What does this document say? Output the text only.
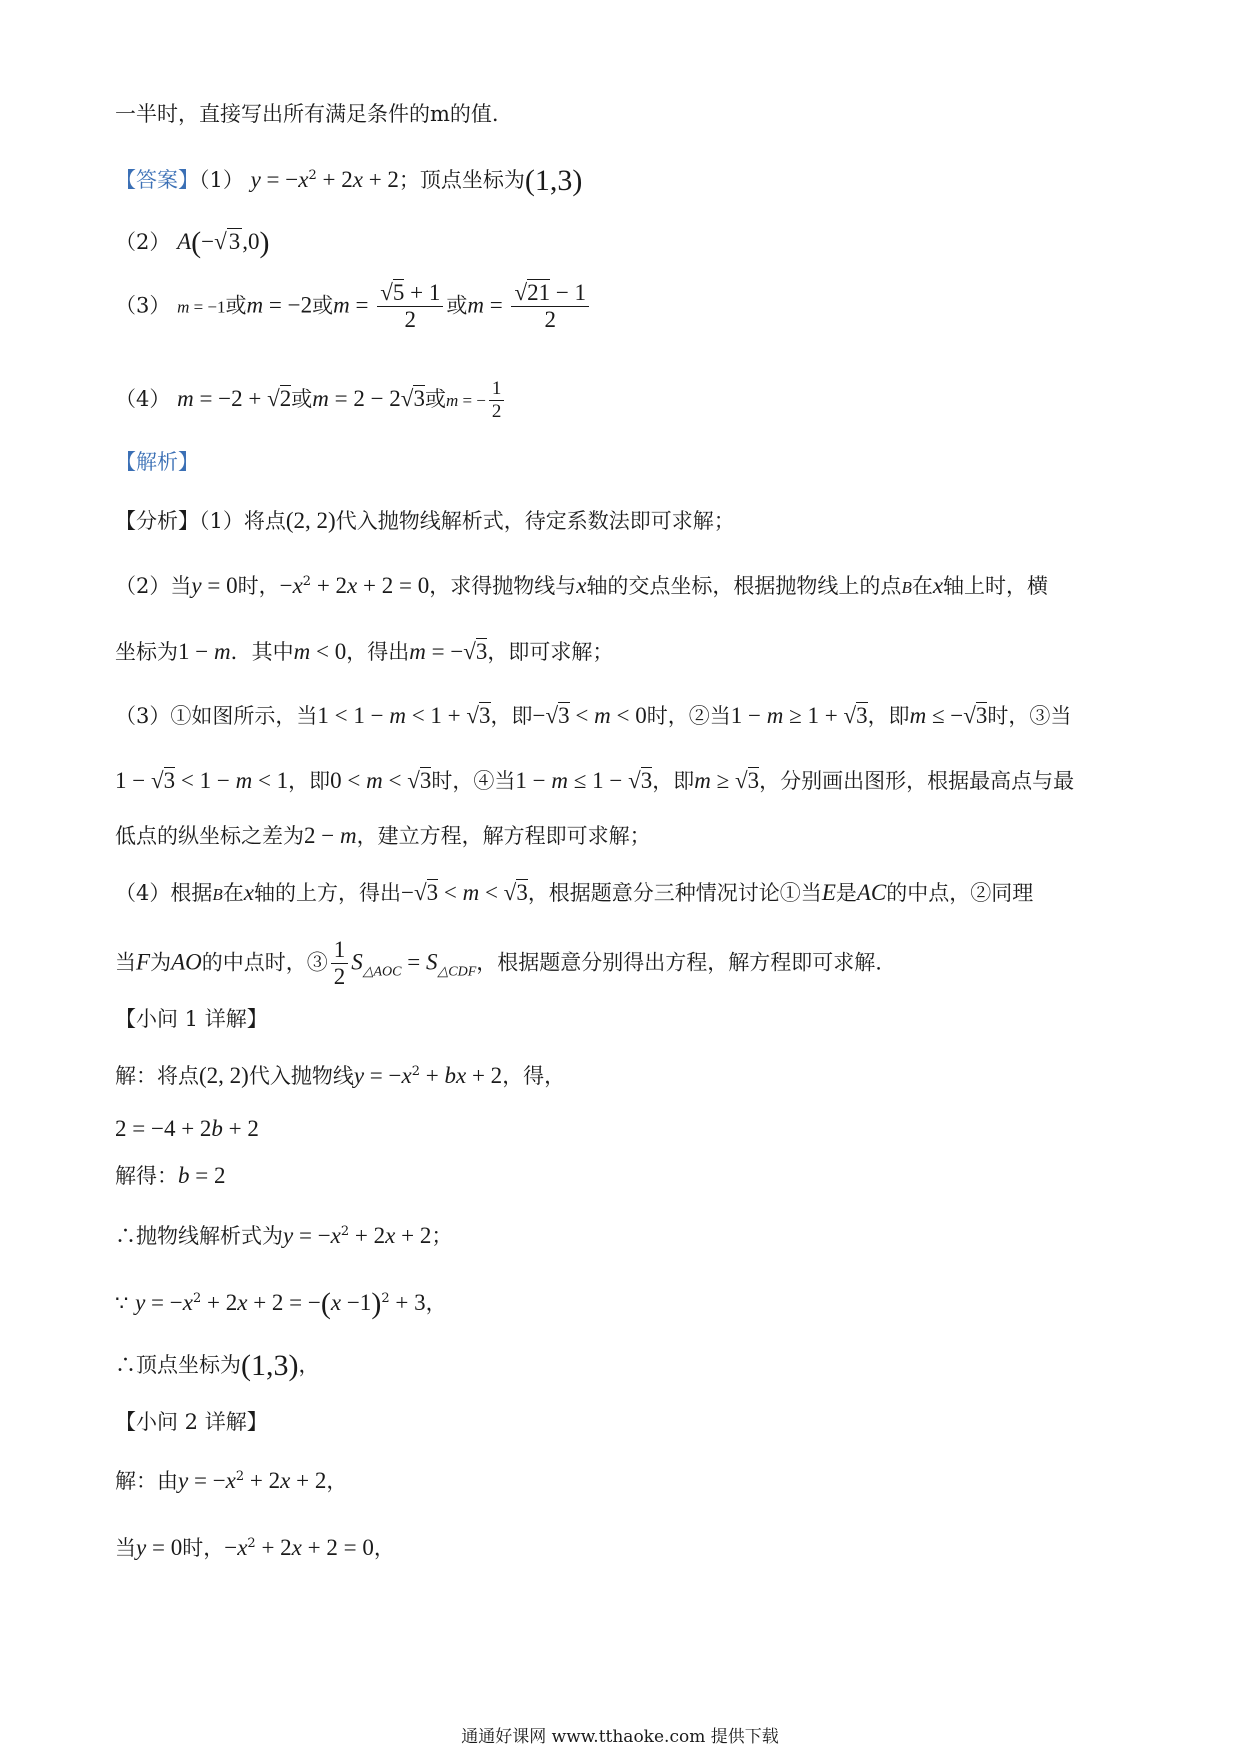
一半时，直接写出所有满足条件的m的值.
【答案】（1） $y = -x^2 + 2x + 2$；顶点坐标为(1,3)
（2） A(−√3,0)
（3） m = −1或m = −2或$m = \frac{√5 + 1}{2}$ 或$m = \frac{√21 - 1}{2}$
（4） m = −2 + √2或m = 2 − 2√3或m = − $\frac{1}{2}$
【解析】
【分析】（1）将点(2, 2)代入抛物线解析式，待定系数法即可求解；
（2）当y = 0时，$-x^2 + 2x + 2 = 0$，求得抛物线与x轴的交点坐标，根据抛物线上的点B在x轴上时，横
坐标为1 − m．其中m < 0，得出m = −√3，即可求解；
（3）①如图所示，当1 < 1 − m < 1 + √3，即−√3 < m < 0时，②当1 − m ≥ 1 + √3，即m ≤ −√3时，③当
1 − √3 < 1 − m < 1，即0 < m < √3时，④当1 − m ≤ 1 − √3，即m ≥ √3，分别画出图形，根据最高点与最
低点的纵坐标之差为2 − m，建立方程，解方程即可求解；
（4）根据B在x轴的上方，得出−√3 < m < √3，根据题意分三种情况讨论①当E是AC的中点，②同理
当F为AO的中点时，③ $\frac{1}{2} S_{\triangle AOC} = S_{\triangle CDF}$，根据题意分别得出方程，解方程即可求解.
【小问 1 详解】
解：将点(2, 2)代入抛物线$y = -x^2$ + bx + 2，得，
2 = −4 + 2b + 2
解得：b = 2
∴抛物线解析式为$y = -x^2 + 2x + 2$；
∵ $y = -x^2 + 2x + 2 = -(x -1)^2 + 3$，
∴顶点坐标为(1,3)，
【小问 2 详解】
解：由$y = -x^2 + 2x + 2$，
当y = 0时，$-x^2 + 2x + 2 = 0$，
通通好课网 www.tthaoke.com 提供下载
